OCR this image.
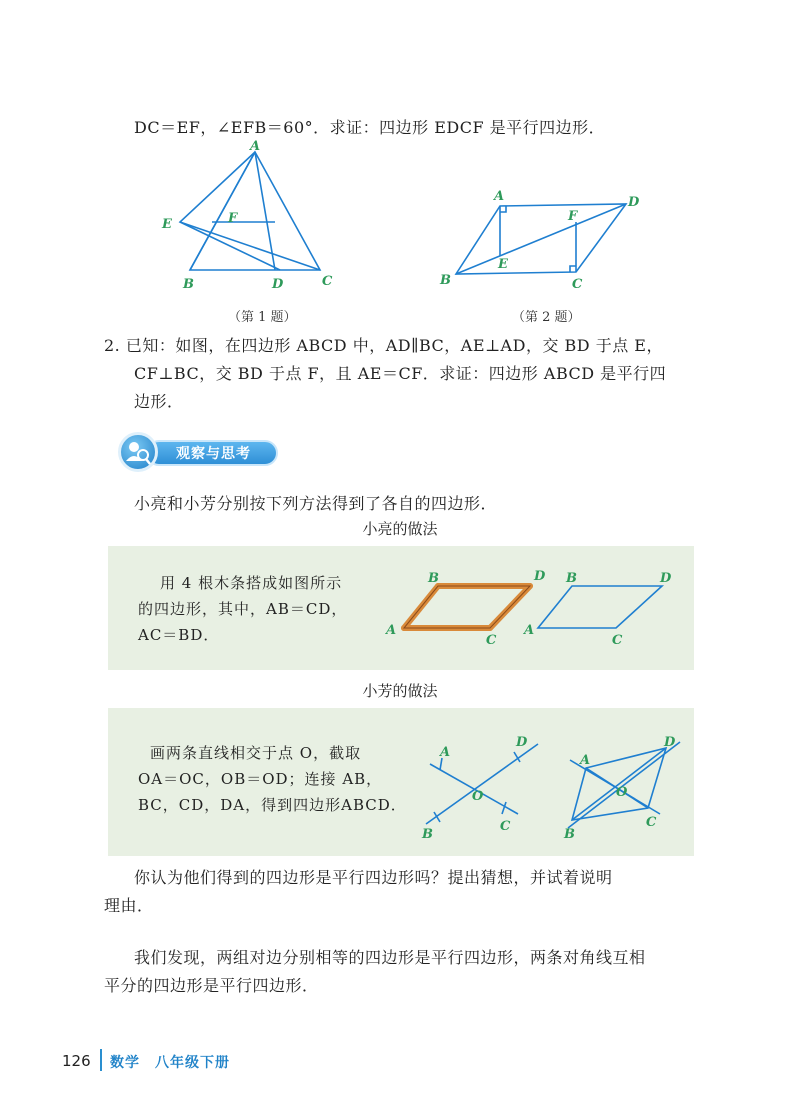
DC＝EF，∠EFB＝60°．求证：四边形 EDCF 是平行四边形．
A
E	F
B	D	C
（第 1 题）
A	D
F
E
B	C
（第 2 题）
2. 已知：如图，在四边形 ABCD 中，AD∥BC，AE⊥AD，交 BD 于点 E，
CF⊥BC，交 BD 于点 F，且 AE＝CF．求证：四边形 ABCD 是平行四
边形．
观察与思考
小亮和小芳分别按下列方法得到了各自的四边形．
小亮的做法
用 4 根木条搭成如图所示
的四边形，其中，AB＝CD，
AC＝BD．
B	D
A
C
B	D
A
C
小芳的做法
画两条直线相交于点 O，截取
OA＝OC，OB＝OD；连接 AB，
BC，CD，DA，得到四边形ABCD．
A
D
O
B
C
A
D
O
B
C
你认为他们得到的四边形是平行四边形吗？提出猜想，并试着说明
理由．
我们发现，两组对边分别相等的四边形是平行四边形，两条对角线互相
平分的四边形是平行四边形．
126 数学　八年级下册
